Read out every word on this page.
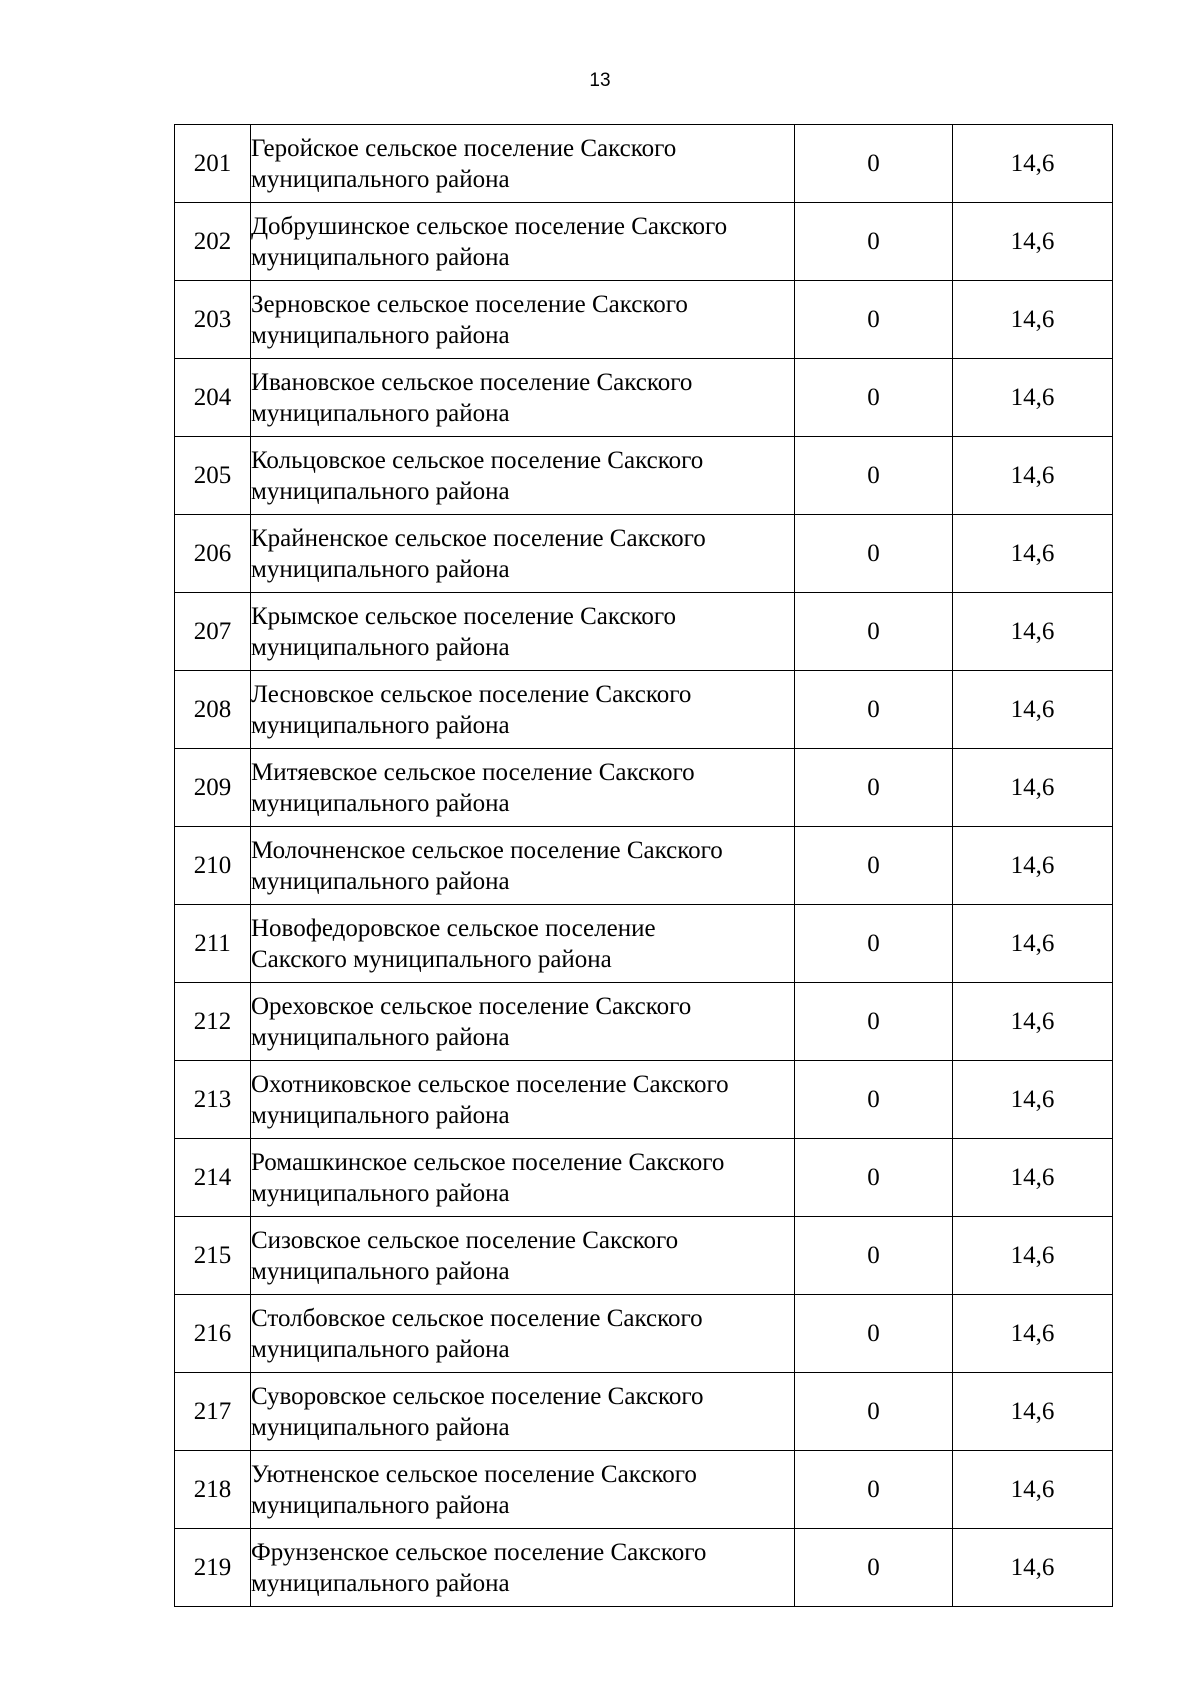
13
201	Геройское сельское поселение Сакского
муниципального района	0	14,6
202	Добрушинское сельское поселение Сакского
муниципального района	0	14,6
203	Зерновское сельское поселение Сакского
муниципального района	0	14,6
204	Ивановское сельское поселение Сакского
муниципального района	0	14,6
205	Кольцовское сельское поселение Сакского
муниципального района	0	14,6
206	Крайненское сельское поселение Сакского
муниципального района	0	14,6
207	Крымское сельское поселение Сакского
муниципального района	0	14,6
208	Лесновское сельское поселение Сакского
муниципального района	0	14,6
209	Митяевское сельское поселение Сакского
муниципального района	0	14,6
210	Молочненское сельское поселение Сакского
муниципального района	0	14,6
211	Новофедоровское сельское поселение
Сакского муниципального района	0	14,6
212	Ореховское сельское поселение Сакского
муниципального района	0	14,6
213	Охотниковское сельское поселение Сакского
муниципального района	0	14,6
214	Ромашкинское сельское поселение Сакского
муниципального района	0	14,6
215	Сизовское сельское поселение Сакского
муниципального района	0	14,6
216	Столбовское сельское поселение Сакского
муниципального района	0	14,6
217	Суворовское сельское поселение Сакского
муниципального района	0	14,6
218	Уютненское сельское поселение Сакского
муниципального района	0	14,6
219	Фрунзенское сельское поселение Сакского
муниципального района	0	14,6
